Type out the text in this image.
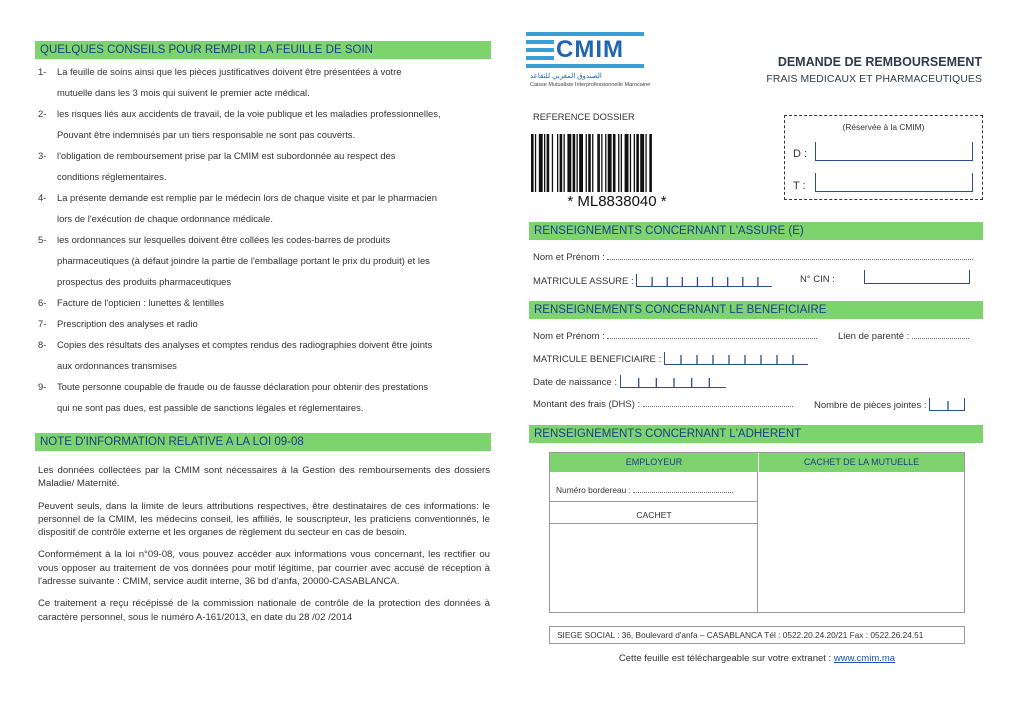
QUELQUES CONSEILS POUR REMPLIR LA FEUILLE DE SOIN
1-	La feuille de soins ainsi que les pièces justificatives doivent être présentées à votre
mutuelle dans les 3 mois qui suivent le premier acte médical.
2-	les risques liés aux accidents de travail, de la voie publique et les maladies professionnelles,
Pouvant être indemnisés par un tiers responsable ne sont pas couverts.
3-	l'obligation de remboursement prise par la CMIM est subordonnée au respect des
conditions réglementaires.
4-	La présente demande est remplie par le médecin lors de chaque visite et par le pharmacien
lors de l'exécution de chaque ordonnance médicale.
5-	les ordonnances sur lesquelles doivent être collées les codes-barres de produits
pharmaceutiques (à défaut joindre la partie de l'emballage portant le prix du produit) et les
prospectus des produits pharmaceutiques
6-	Facture de l'opticien : lunettes & lentilles
7-	Prescription des analyses et radio
8-	Copies des résultats des analyses et comptes rendus des radiographies doivent être joints
aux ordonnances transmises
9-	Toute personne coupable de fraude ou de fausse déclaration pour obtenir des prestations
qui ne sont pas dues, est passible de sanctions légales et réglementaires.
NOTE D'INFORMATION RELATIVE A LA LOI 09-08

Les données collectées par la CMIM sont nécessaires à la Gestion des remboursements des dossiers Maladie/ Maternité.

Peuvent seuls, dans la limite de leurs attributions respectives, être destinataires de ces informations: le personnel de la CMIM, les médecins conseil, les affiliés, le souscripteur, les praticiens conventionnés, le dispositif de contrôle externe et les organes de règlement du secteur en cas de besoin.

Conformément à la loi n°09-08, vous pouvez accéder aux informations vous concernant, les rectifier ou vous opposer au traitement de vos données pour motif légitime, par courrier avec accusé de réception à l'adresse suivante : CMIM, service audit interne, 36 bd d'anfa, 20000-CASABLANCA.

Ce traitement a reçu récépissé de la commission nationale de contrôle de la protection des données à caractère personnel, sous le numéro A-161/2013, en date du 28 /02 /2014

CMIM
الصندوق المغربي للتقاعد
Caisse Mutualiste Interprofessionnelle Marocaine
DEMANDE DE REMBOURSEMENT
FRAIS MEDICAUX ET PHARMACEUTIQUES
REFERENCE DOSSIER
* ML8838040 *
(Réservée à la CMIM)
D :
T :
RENSEIGNEMENTS CONCERNANT L'ASSURE (E)
Nom et Prénom :
MATRICULE ASSURE :	N° CIN :
RENSEIGNEMENTS CONCERNANT LE BENEFICIAIRE
Nom et Prénom :	Lien de parenté :
MATRICULE BENEFICIAIRE :
Date de naissance :
Montant des frais (DHS) :	Nombre de pièces jointes :
RENSEIGNEMENTS CONCERNANT L'ADHERENT
EMPLOYEUR
Numéro bordereau :
CACHET
CACHET DE LA MUTUELLE
SIEGE SOCIAL : 36, Boulevard d'anfa – CASABLANCA Tél : 0522.20.24.20/21 Fax : 0522.26.24.51
Cette feuille est téléchargeable sur votre extranet : www.cmim.ma
